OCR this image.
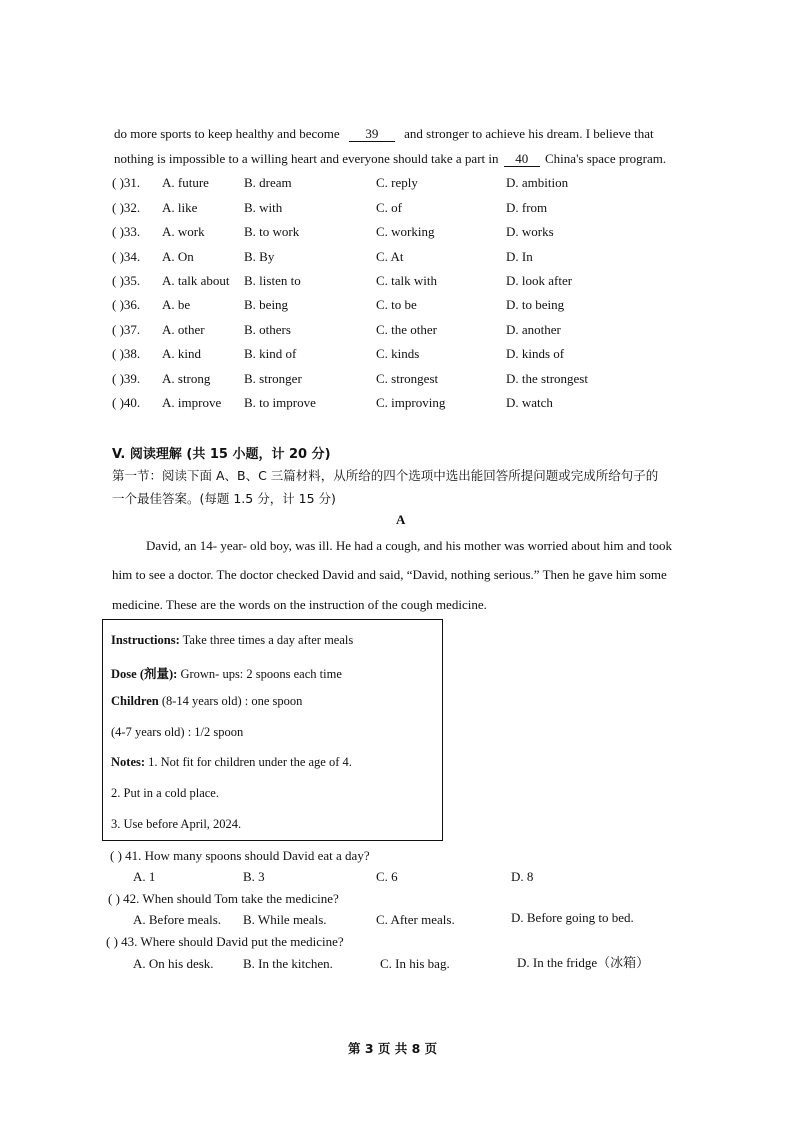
do more sports to keep healthy and become 39 and stronger to achieve his dream. I believe that
nothing is impossible to a willing heart and everyone should take a part in 40 China's space program.
( )31. A. future	B. dream	C. reply	D. ambition
( )32. A. like	B. with	C. of	D. from
( )33. A. work	B. to work	C. working	D. works
( )34. A. On	B. By	C. At	D. In
( )35. A. talk about B. listen to	C. talk with	D. look after
( )36. A. be	B. being	C. to be	D. to being
( )37. A. other	B. others	C. the other	D. another
( )38. A. kind	B. kind of	C. kinds	D. kinds of
( )39. A. strong	B. stronger	C. strongest	D. the strongest
( )40. A. improve B. to improve	C. improving	D. watch
V. 阅读理解 (共 15 小题，计 20 分)
第一节：阅读下面 A、B、C 三篇材料，从所给的四个选项中选出能回答所提问题或完成所给句子的
一个最佳答案。(每题 1.5 分，计 15 分)
A
David, an 14- year- old boy, was ill. He had a cough, and his mother was worried about him and took
him to see a doctor. The doctor checked David and said, “David, nothing serious.” Then he gave him some
medicine. These are the words on the instruction of the cough medicine.
Instructions: Take three times a day after meals
Dose (剂量): Grown- ups: 2 spoons each time
Children (8-14 years old) : one spoon
(4-7 years old) : 1/2 spoon
Notes: 1. Not fit for children under the age of 4.
2. Put in a cold place.
3. Use before April, 2024.
( ) 41. How many spoons should David eat a day?
A. 1	B. 3	C. 6	D. 8
( ) 42. When should Tom take the medicine?
A. Before meals. B. While meals.	C. After meals.	D. Before going to bed.
( ) 43. Where should David put the medicine?
A. On his desk. B. In the kitchen.	C. In his bag.	D. In the fridge（冰箱）
第 3 页 共 8 页
